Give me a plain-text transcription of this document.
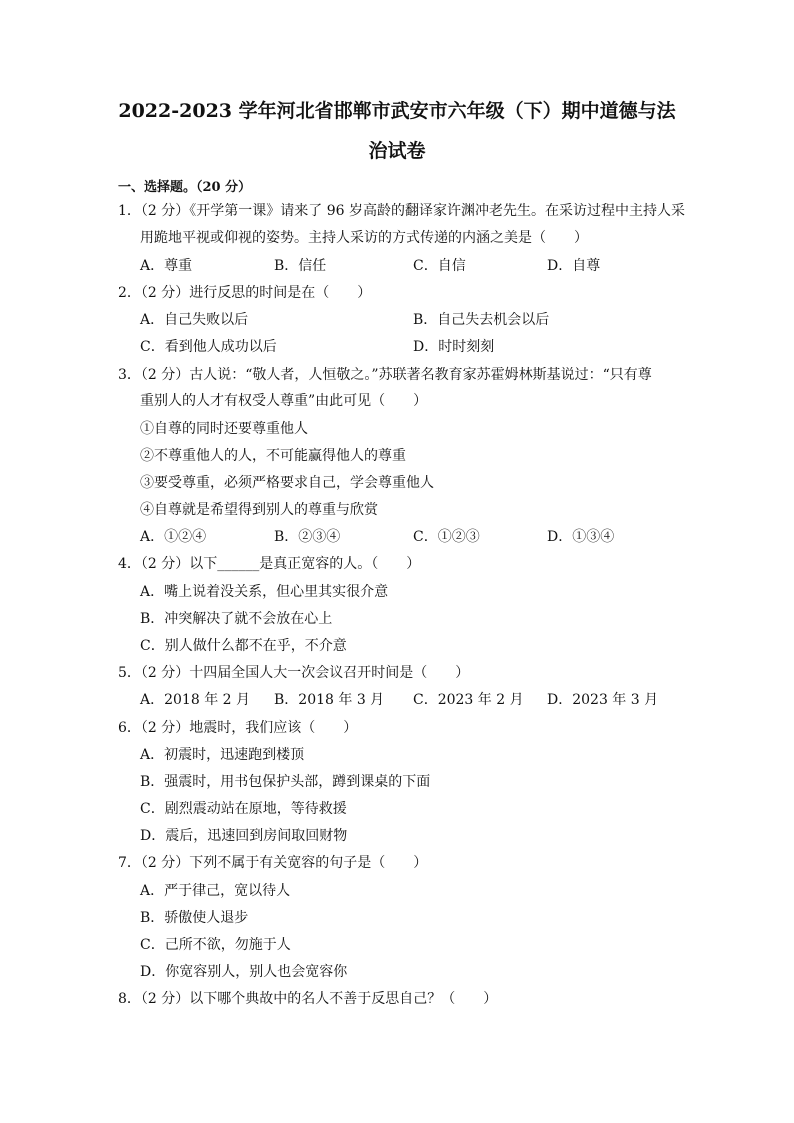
2022-2023 学年河北省邯郸市武安市六年级（下）期中道德与法
治试卷
一、选择题。（20 分）
1．（2 分）《开学第一课》请来了 96 岁高龄的翻译家许渊冲老先生。在采访过程中主持人采
用跪地平视或仰视的姿势。主持人采访的方式传递的内涵之美是（　　）
A．尊重	B．信任	C．自信	D．自尊
2．（2 分）进行反思的时间是在（　　）
A．自己失败以后	B．自己失去机会以后
C．看到他人成功以后	D．时时刻刻
3．（2 分）古人说：“敬人者，人恒敬之。”苏联著名教育家苏霍姆林斯基说过：“只有尊
重别人的人才有权受人尊重”由此可见（　　）
①自尊的同时还要尊重他人
②不尊重他人的人，不可能赢得他人的尊重
③要受尊重，必须严格要求自己，学会尊重他人
④自尊就是希望得到别人的尊重与欣赏
A．①②④	B．②③④	C．①②③	D．①③④
4．（2 分）以下______是真正宽容的人。（　　）
A．嘴上说着没关系，但心里其实很介意
B．冲突解决了就不会放在心上
C．别人做什么都不在乎，不介意
5．（2 分）十四届全国人大一次会议召开时间是（　　）
A．2018 年 2 月 B．2018 年 3 月 C．2023 年 2 月 D．2023 年 3 月
6．（2 分）地震时，我们应该（　　）
A．初震时，迅速跑到楼顶
B．强震时，用书包保护头部，蹲到课桌的下面
C．剧烈震动站在原地，等待救援
D．震后，迅速回到房间取回财物
7．（2 分）下列不属于有关宽容的句子是（　　）
A．严于律己，宽以待人
B．骄傲使人退步
C．己所不欲，勿施于人
D．你宽容别人，别人也会宽容你
8．（2 分）以下哪个典故中的名人不善于反思自己？（　　）
